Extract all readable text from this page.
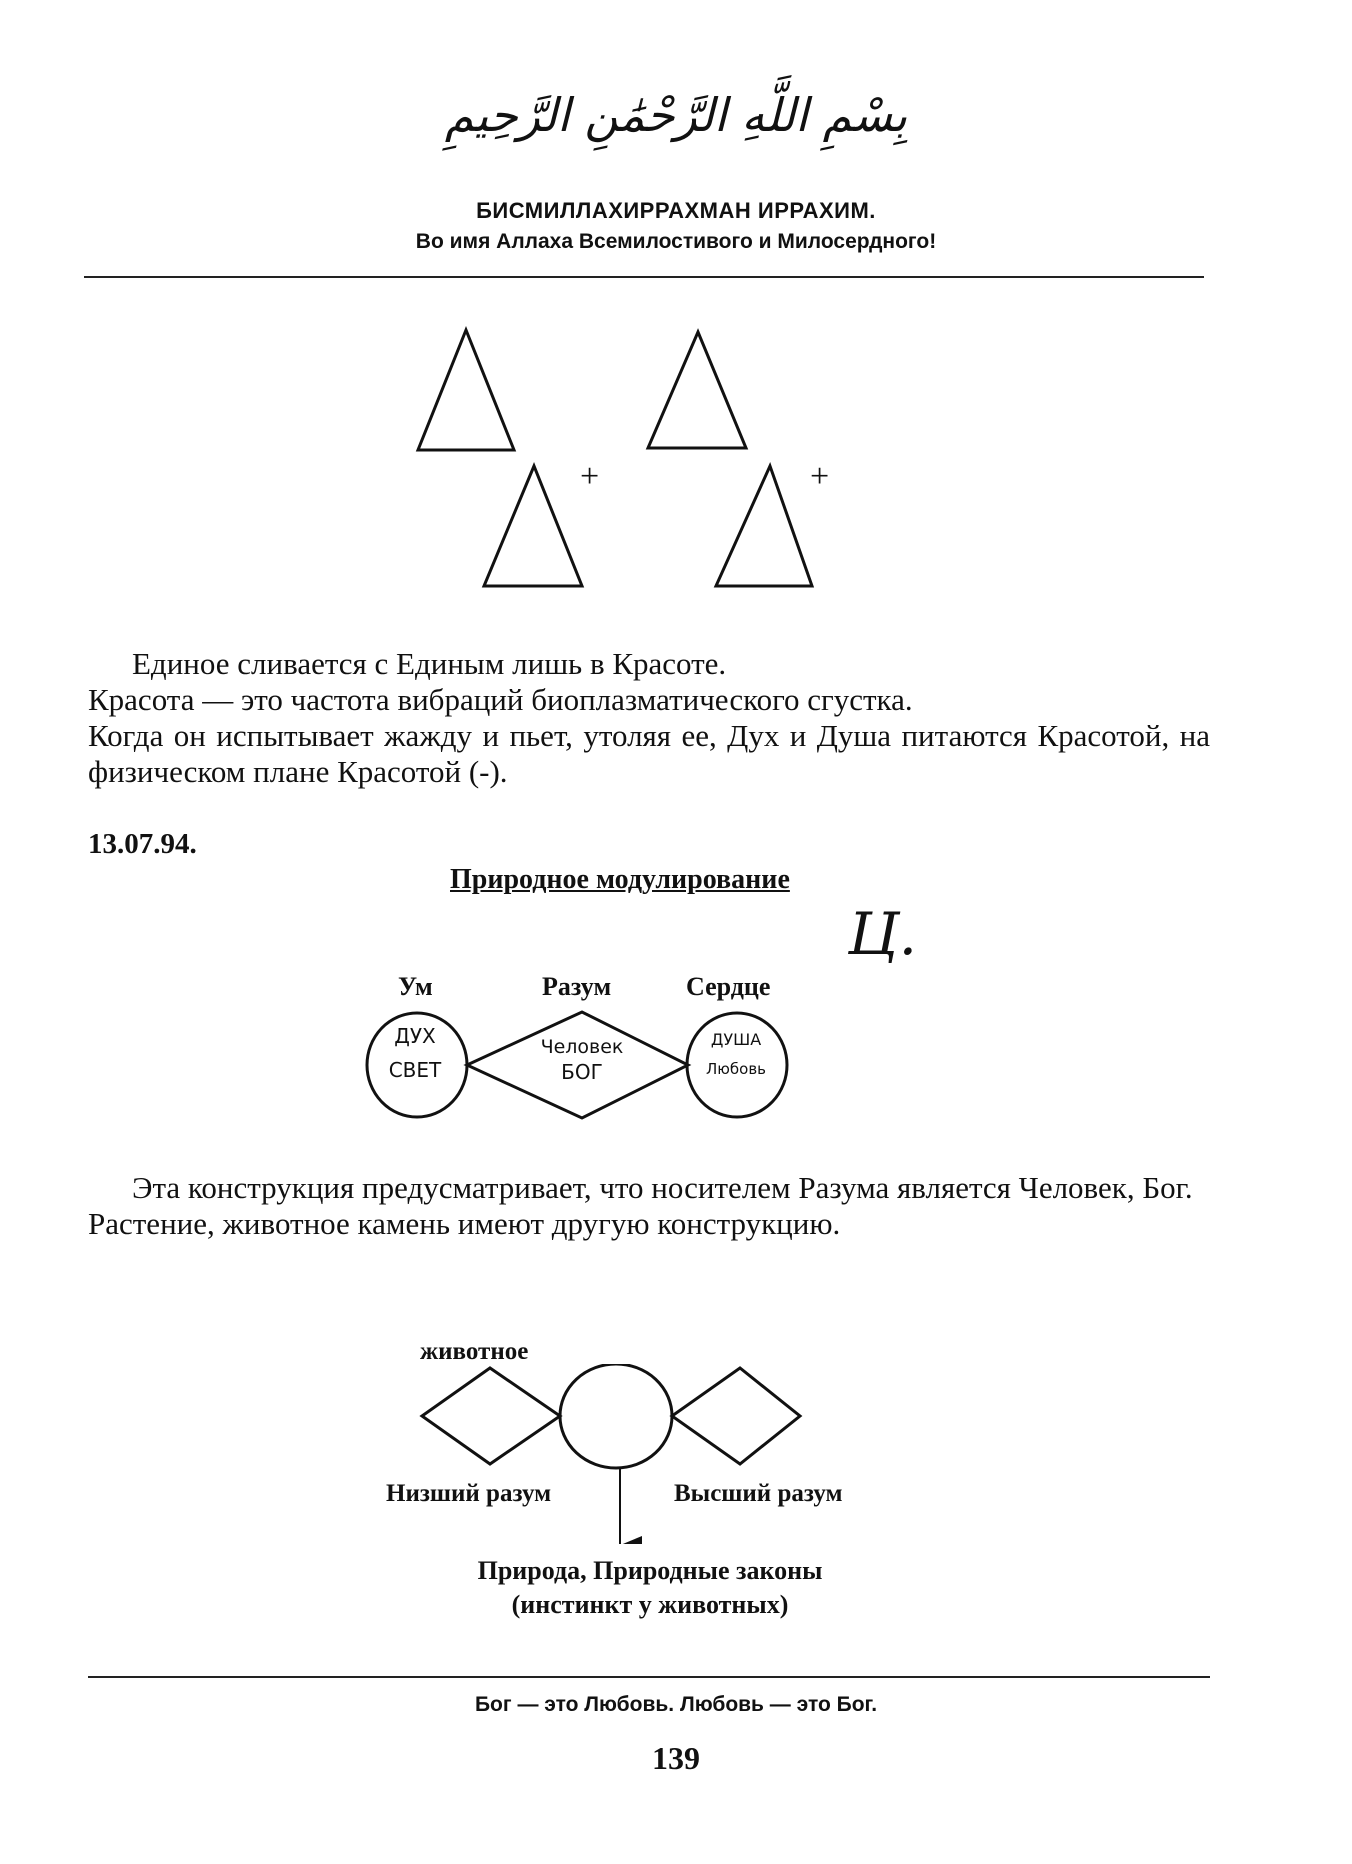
بِسْمِ اللَّهِ الرَّحْمَٰنِ الرَّحِيمِ
БИСМИЛЛАХИРРАХМАН ИРРАХИМ.
Во имя Аллаха Всемилостивого и Милосердного!
+	+

Единое сливается с Единым лишь в Красоте.

Красота — это частота вибраций биоплазматического сгустка.

Когда он испытывает жажду и пьет, утоляя ее, Дух и Душа питаются Красотой, на физическом плане Красотой (-).

13.07.94.
Природное модулирование
Ц.
Ум	Разум	Сердце
ДУХ
СВЕТ
Человек
БОГ
ДУША
Любовь

Эта конструкция предусматривает, что носителем Разума является Человек, Бог.

Растение, животное камень имеют другую конструкцию.

животное
Низший разум	Высший разум
Природа, Природные законы
(инстинкт у животных)
Бог — это Любовь. Любовь — это Бог.
139
